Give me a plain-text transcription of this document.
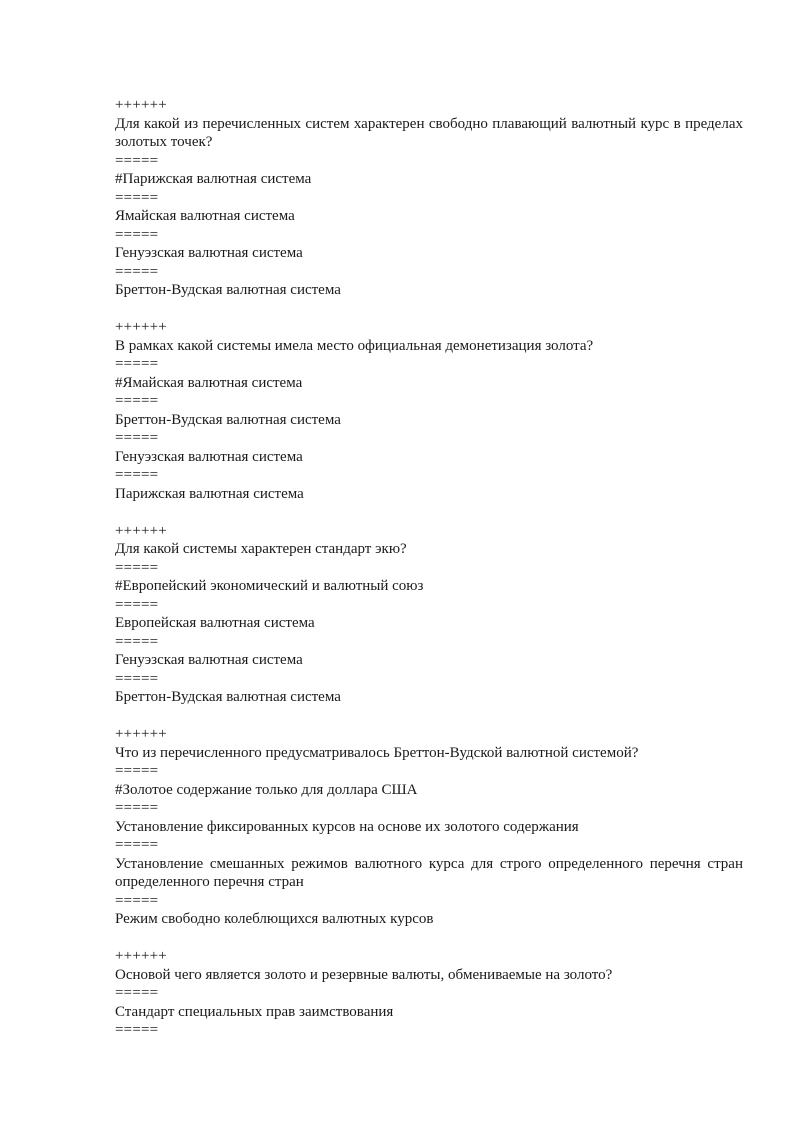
++++++
Для какой из перечисленных систем характерен свободно плавающий валютный курс в пределах золотых точек?
=====
#Парижская валютная система
=====
Ямайская валютная система
=====
Генуэзская валютная система
=====
Бреттон-Вудская валютная система
++++++
В рамках какой системы имела место официальная демонетизация золота?
=====
#Ямайская валютная система
=====
Бреттон-Вудская валютная система
=====
Генуэзская валютная система
=====
Парижская валютная система
++++++
Для какой системы характерен стандарт экю?
=====
#Европейский экономический и валютный союз
=====
Европейская валютная система
=====
Генуэзская валютная система
=====
Бреттон-Вудская валютная система
++++++
Что из перечисленного предусматривалось Бреттон-Вудской валютной системой?
=====
#Золотое содержание только для доллара США
=====
Установление фиксированных курсов на основе их золотого содержания
=====
Установление смешанных режимов валютного курса для строго определенного перечня стран определенного перечня стран
=====
Режим свободно колеблющихся валютных курсов
++++++
Основой чего является золото и резервные валюты, обмениваемые на золото?
=====
Стандарт специальных прав заимствования
=====
